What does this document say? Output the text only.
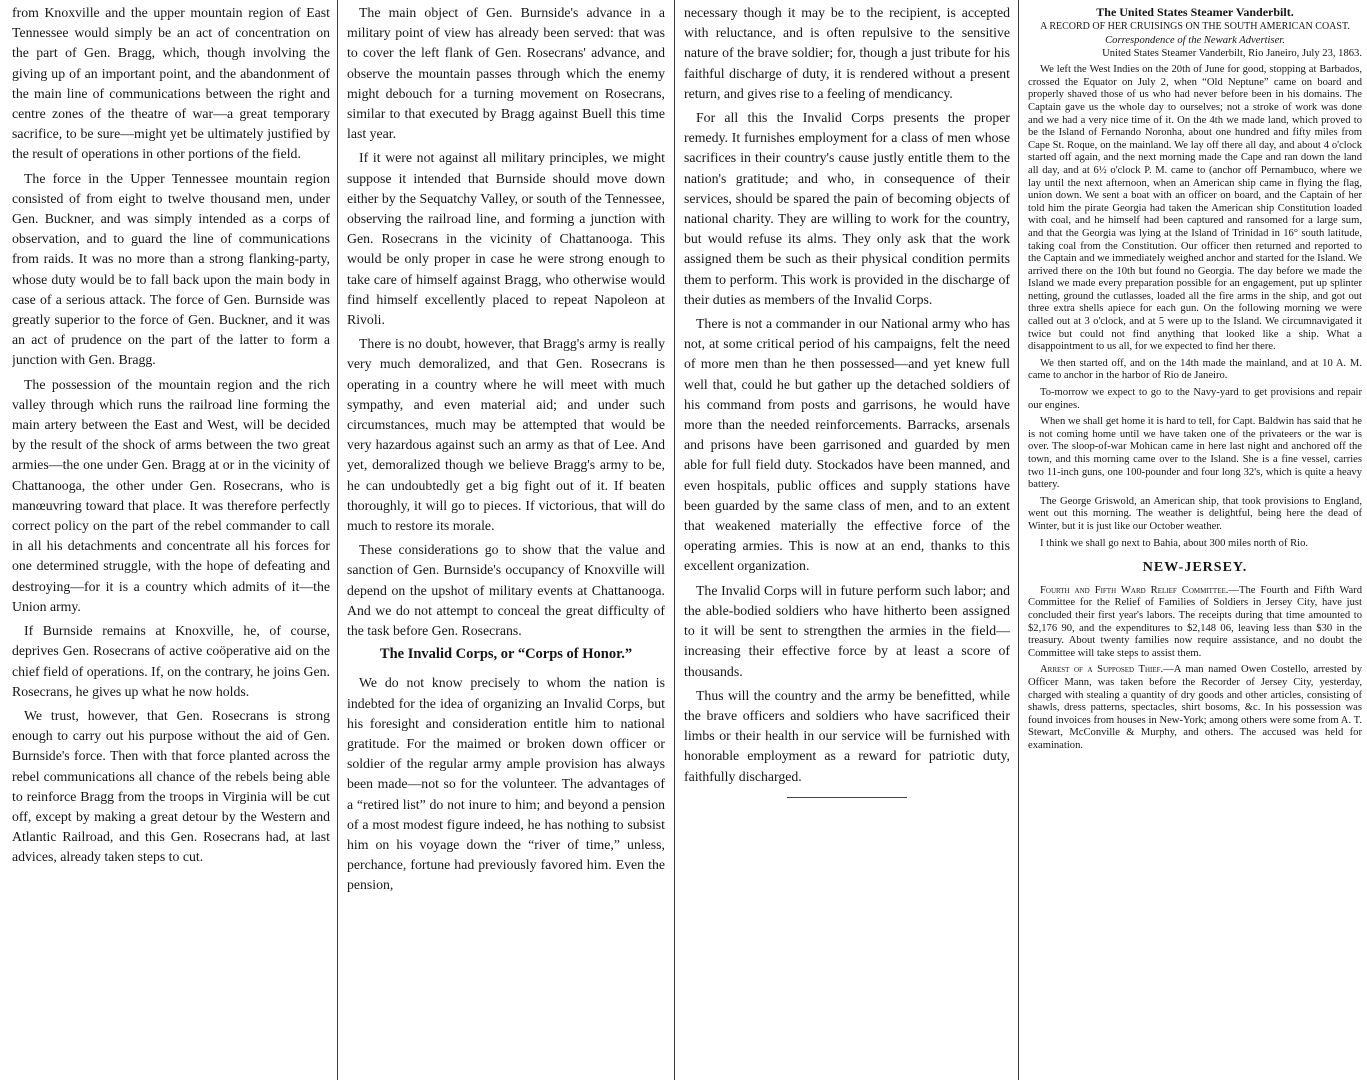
from Knoxville and the upper mountain region of East Tennessee would simply be an act of concentration on the part of Gen. Bragg, which, though involving the giving up of an important point, and the abandonment of the main line of communications between the right and centre zones of the theatre of war—a great temporary sacrifice, to be sure—might yet be ultimately justified by the result of operations in other portions of the field.

The force in the Upper Tennessee mountain region consisted of from eight to twelve thousand men, under Gen. Buckner, and was simply intended as a corps of observation, and to guard the line of communications from raids. It was no more than a strong flanking-party, whose duty would be to fall back upon the main body in case of a serious attack. The force of Gen. Burnside was greatly superior to the force of Gen. Buckner, and it was an act of prudence on the part of the latter to form a junction with Gen. Bragg.

The possession of the mountain region and the rich valley through which runs the railroad line forming the main artery between the East and West, will be decided by the result of the shock of arms between the two great armies—the one under Gen. Bragg at or in the vicinity of Chattanooga, the other under Gen. Rosecrans, who is manœuvring toward that place. It was therefore perfectly correct policy on the part of the rebel commander to call in all his detachments and concentrate all his forces for one determined struggle, with the hope of defeating and destroying—for it is a country which admits of it—the Union army.

If Burnside remains at Knoxville, he, of course, deprives Gen. Rosecrans of active coöperative aid on the chief field of operations. If, on the contrary, he joins Gen. Rosecrans, he gives up what he now holds.

We trust, however, that Gen. Rosecrans is strong enough to carry out his purpose without the aid of Gen. Burnside's force. Then with that force planted across the rebel communications all chance of the rebels being able to reinforce Bragg from the troops in Virginia will be cut off, except by making a great detour by the Western and Atlantic Railroad, and this Gen. Rosecrans had, at last advices, already taken steps to cut.

The main object of Gen. Burnside's advance in a military point of view has already been served: that was to cover the left flank of Gen. Rosecrans' advance, and observe the mountain passes through which the enemy might debouch for a turning movement on Rosecrans, similar to that executed by Bragg against Buell this time last year.

If it were not against all military principles, we might suppose it intended that Burnside should move down either by the Sequatchy Valley, or south of the Tennessee, observing the railroad line, and forming a junction with Gen. Rosecrans in the vicinity of Chattanooga. This would be only proper in case he were strong enough to take care of himself against Bragg, who otherwise would find himself excellently placed to repeat Napoleon at Rivoli.

There is no doubt, however, that Bragg's army is really very much demoralized, and that Gen. Rosecrans is operating in a country where he will meet with much sympathy, and even material aid; and under such circumstances, much may be attempted that would be very hazardous against such an army as that of Lee. And yet, demoralized though we believe Bragg's army to be, he can undoubtedly get a big fight out of it. If beaten thoroughly, it will go to pieces. If victorious, that will do much to restore its morale.

These considerations go to show that the value and sanction of Gen. Burnside's occupancy of Knoxville will depend on the upshot of military events at Chattanooga. And we do not attempt to conceal the great difficulty of the task before Gen. Rosecrans.

The Invalid Corps, or “Corps of Honor.”

We do not know precisely to whom the nation is indebted for the idea of organizing an Invalid Corps, but his foresight and consideration entitle him to national gratitude. For the maimed or broken down officer or soldier of the regular army ample provision has always been made—not so for the volunteer. The advantages of a “retired list” do not inure to him; and beyond a pension of a most modest figure indeed, he has nothing to subsist him on his voyage down the “river of time,” unless, perchance, fortune had previously favored him. Even the pension,

necessary though it may be to the recipient, is accepted with reluctance, and is often repulsive to the sensitive nature of the brave soldier; for, though a just tribute for his faithful discharge of duty, it is rendered without a present return, and gives rise to a feeling of mendicancy.

For all this the Invalid Corps presents the proper remedy. It furnishes employment for a class of men whose sacrifices in their country's cause justly entitle them to the nation's gratitude; and who, in consequence of their services, should be spared the pain of becoming objects of national charity. They are willing to work for the country, but would refuse its alms. They only ask that the work assigned them be such as their physical condition permits them to perform. This work is provided in the discharge of their duties as members of the Invalid Corps.

There is not a commander in our National army who has not, at some critical period of his campaigns, felt the need of more men than he then possessed—and yet knew full well that, could he but gather up the detached soldiers of his command from posts and garrisons, he would have more than the needed reinforcements. Barracks, arsenals and prisons have been garrisoned and guarded by men able for full field duty. Stockados have been manned, and even hospitals, public offices and supply stations have been guarded by the same class of men, and to an extent that weakened materially the effective force of the operating armies. This is now at an end, thanks to this excellent organization.

The Invalid Corps will in future perform such labor; and the able-bodied soldiers who have hitherto been assigned to it will be sent to strengthen the armies in the field—increasing their effective force by at least a score of thousands.

Thus will the country and the army be benefitted, while the brave officers and soldiers who have sacrificed their limbs or their health in our service will be furnished with honorable employment as a reward for patriotic duty, faithfully discharged.

The United States Steamer Vanderbilt.
A RECORD OF HER CRUISINGS ON THE SOUTH AMERICAN COAST.
Correspondence of the Newark Advertiser.
United States Steamer Vanderbilt, Rio Janeiro, July 23, 1863.

We left the West Indies on the 20th of June for good, stopping at Barbados, crossed the Equator on July 2, when “Old Neptune” came on board and properly shaved those of us who had never before been in his domains. The Captain gave us the whole day to ourselves; not a stroke of work was done and we had a very nice time of it. On the 4th we made land, which proved to be the Island of Fernando Noronha, about one hundred and fifty miles from Cape St. Roque, on the mainland. We lay off there all day, and about 4 o'clock started off again, and the next morning made the Cape and ran down the land all day, and at 6½ o'clock P. M. came to (anchor off Pernambuco, where we lay until the next afternoon, when an American ship came in flying the flag, union down. We sent a boat with an officer on board, and the Captain of her told him the pirate Georgia had taken the American ship Constitution loaded with coal, and he himself had been captured and ransomed for a large sum, and that the Georgia was lying at the Island of Trinidad in 16° south latitude, taking coal from the Constitution. Our officer then returned and reported to the Captain and we immediately weighed anchor and started for the Island. We arrived there on the 10th but found no Georgia. The day before we made the Island we made every preparation possible for an engagement, put up splinter netting, ground the cutlasses, loaded all the fire arms in the ship, and got out three extra shells apiece for each gun. On the following morning we were called out at 3 o'clock, and at 5 were up to the Island. We circumnavigated it twice but could not find anything that looked like a ship. What a disappointment to us all, for we expected to find her there.

We then started off, and on the 14th made the mainland, and at 10 A. M. came to anchor in the harbor of Rio de Janeiro.

To-morrow we expect to go to the Navy-yard to get provisions and repair our engines.

When we shall get home it is hard to tell, for Capt. Baldwin has said that he is not coming home until we have taken one of the privateers or the war is over. The sloop-of-war Mohican came in here last night and anchored off the town, and this morning came over to the Island. She is a fine vessel, carries two 11-inch guns, one 100-pounder and four long 32's, which is quite a heavy battery.

The George Griswold, an American ship, that took provisions to England, went out this morning. The weather is delightful, being here the dead of Winter, but it is just like our October weather.

I think we shall go next to Bahia, about 300 miles north of Rio.

NEW-JERSEY.

Fourth and Fifth Ward Relief Committee.—The Fourth and Fifth Ward Committee for the Relief of Families of Soldiers in Jersey City, have just concluded their first year's labors. The receipts during that time amounted to $2,176 90, and the expenditures to $2,148 06, leaving less than $30 in the treasury. About twenty families now require assistance, and no doubt the Committee will take steps to assist them.

Arrest of a Supposed Thief.—A man named Owen Costello, arrested by Officer Mann, was taken before the Recorder of Jersey City, yesterday, charged with stealing a quantity of dry goods and other articles, consisting of shawls, dress patterns, spectacles, shirt bosoms, &c. In his possession was found invoices from houses in New-York; among others were some from A. T. Stewart, McConville & Murphy, and others. The accused was held for examination.
